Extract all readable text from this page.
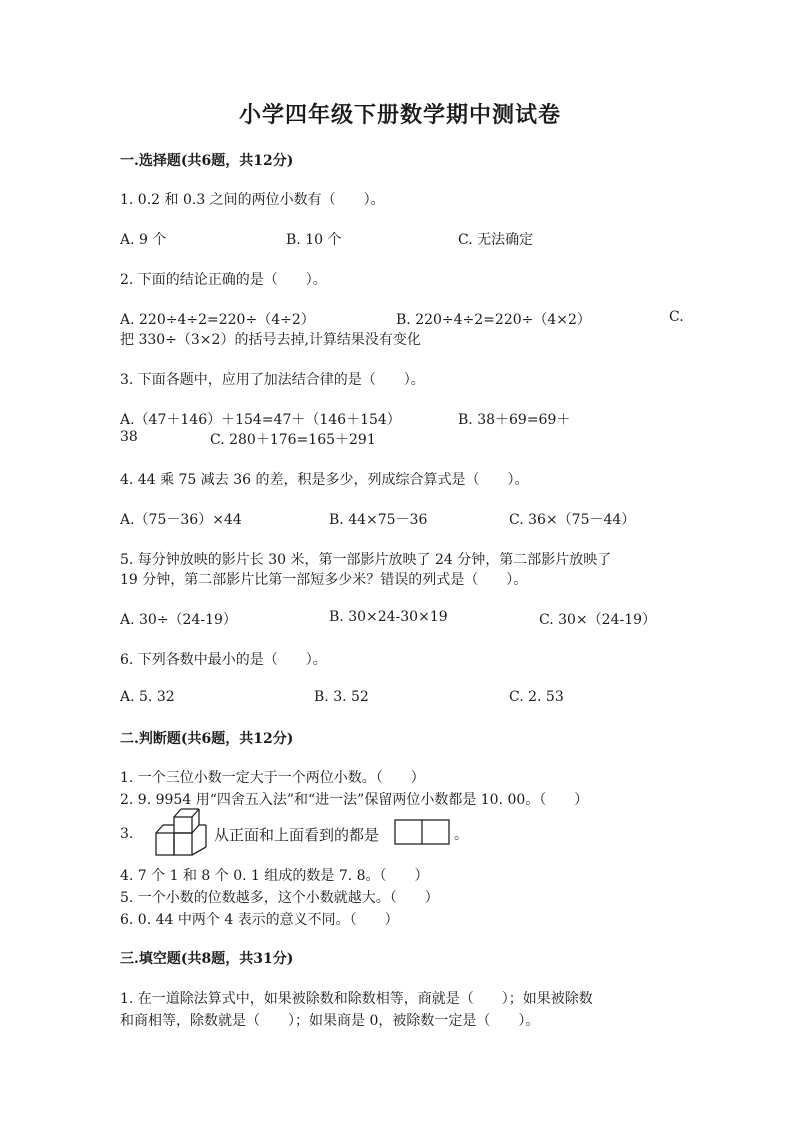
小学四年级下册数学期中测试卷
一.选择题(共6题，共12分)
1. 0.2 和 0.3 之间的两位小数有（　　）。
A. 9 个	B. 10 个	C. 无法确定
2. 下面的结论正确的是（　　）。
A. 220÷4÷2=220÷（4÷2）	B. 220÷4÷2=220÷（4×2）	C.
把 330÷（3×2）的括号去掉,计算结果没有变化
3. 下面各题中，应用了加法结合律的是（　　）。
A.（47＋146）＋154=47＋（146＋154）	B. 38＋69=69＋
38	C. 280＋176=165＋291
4. 44 乘 75 减去 36 的差，积是多少，列成综合算式是（　　）。
A.（75－36）×44	B. 44×75－36	C. 36×（75－44）
5. 每分钟放映的影片长 30 米，第一部影片放映了 24 分钟，第二部影片放映了
19 分钟，第二部影片比第一部短多少米？错误的列式是（　　）。
A. 30÷（24-19）	B. 30×24-30×19	C. 30×（24-19）
6. 下列各数中最小的是（　　）。
A. 5. 32	B. 3. 52	C. 2. 53
二.判断题(共6题，共12分)
1. 一个三位小数一定大于一个两位小数。（　　）
2. 9. 9954 用“四舍五入法”和“进一法”保留两位小数都是 10. 00。（　　）
3.	从正面和上面看到的都是	。
4. 7 个 1 和 8 个 0. 1 组成的数是 7. 8。（　　）
5. 一个小数的位数越多，这个小数就越大。（　　）
6. 0. 44 中两个 4 表示的意义不同。（　　）
三.填空题(共8题，共31分)
1. 在一道除法算式中，如果被除数和除数相等，商就是（　　）；如果被除数
和商相等，除数就是（　　）；如果商是 0，被除数一定是（　　）。
